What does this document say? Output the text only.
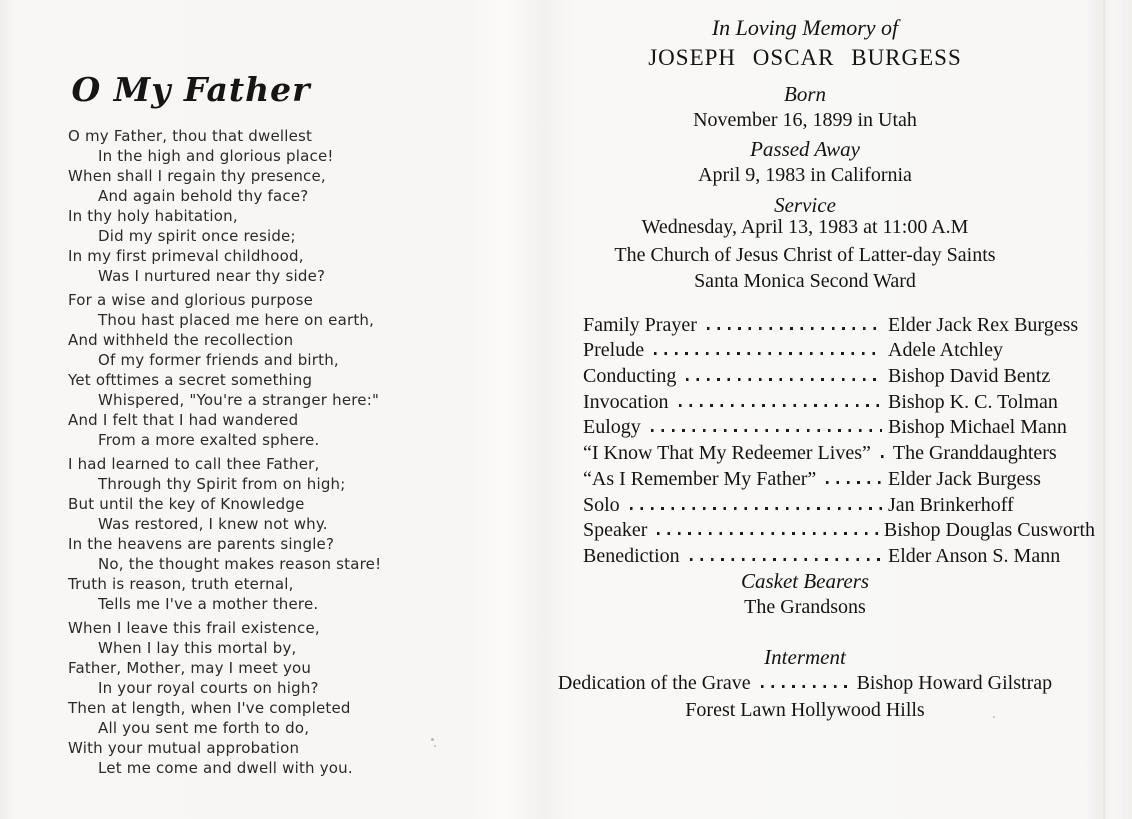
O My Father

O my Father, thou that dwellest

In the high and glorious place!

When shall I regain thy presence,

And again behold thy face?

In thy holy habitation,

Did my spirit once reside;

In my first primeval childhood,

Was I nurtured near thy side?

For a wise and glorious purpose

Thou hast placed me here on earth,

And withheld the recollection

Of my former friends and birth,

Yet ofttimes a secret something

Whispered, "You're a stranger here:"

And I felt that I had wandered

From a more exalted sphere.

I had learned to call thee Father,

Through thy Spirit from on high;

But until the key of Knowledge

Was restored, I knew not why.

In the heavens are parents single?

No, the thought makes reason stare!

Truth is reason, truth eternal,

Tells me I've a mother there.

When I leave this frail existence,

When I lay this mortal by,

Father, Mother, may I meet you

In your royal courts on high?

Then at length, when I've completed

All you sent me forth to do,

With your mutual approbation

Let me come and dwell with you.

In Loving Memory of
JOSEPH OSCAR BURGESS
Born
November 16, 1899 in Utah
Passed Away
April 9, 1983 in California
Service
Wednesday, April 13, 1983 at 11:00 A.M
The Church of Jesus Christ of Latter-day Saints
Santa Monica Second Ward
Family Prayer	Elder Jack Rex Burgess
Prelude	Adele Atchley
Conducting	Bishop David Bentz
Invocation	Bishop K. C. Tolman
Eulogy	Bishop Michael Mann
“I Know That My Redeemer Lives” The Granddaughters
“As I Remember My Father”	Elder Jack Burgess
Solo	Jan Brinkerhoff
Speaker	Bishop Douglas Cusworth
Benediction	Elder Anson S. Mann
Casket Bearers
The Grandsons
Interment
Dedication of the Grave	Bishop Howard Gilstrap
Forest Lawn Hollywood Hills
